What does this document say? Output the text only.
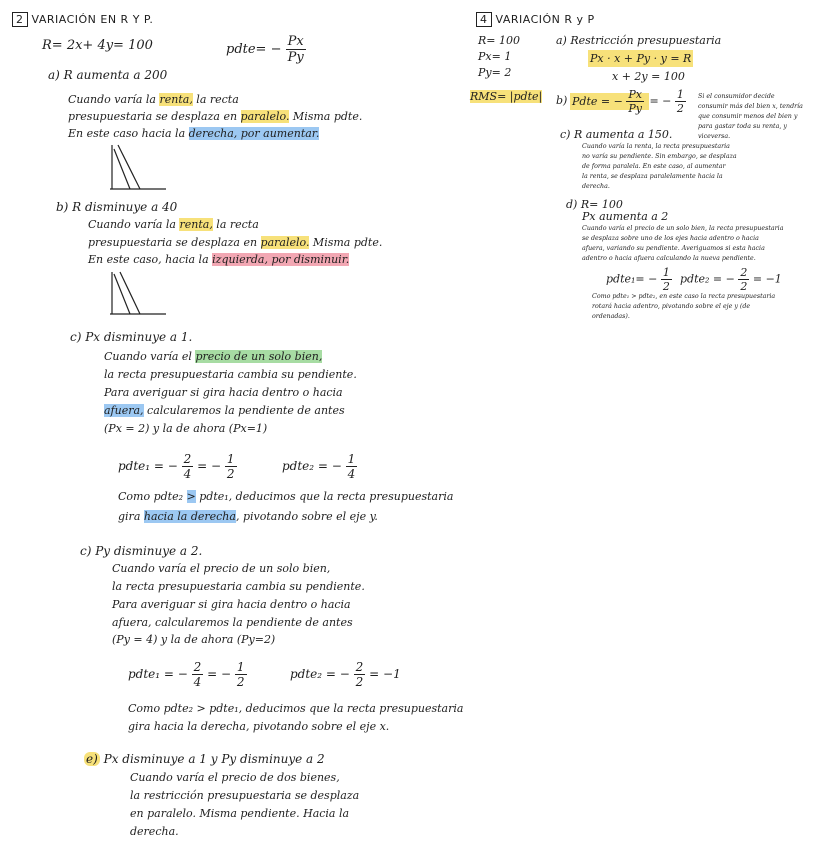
2 VARIACIÓN EN R Y P.
R= 2x+ 4y= 100	pdte= − $\frac{Px}{Py}$
a) R aumenta a 200
Cuando varía la renta, la recta
presupuestaria se desplaza en paralelo. Misma pdte.
En este caso hacia la derecha, por aumentar.
b) R disminuye a 40
Cuando varía la renta, la recta
presupuestaria se desplaza en paralelo. Misma pdte.
En este caso, hacia la izquierda, por disminuir.
c) Px disminuye a 1.
Cuando varía el precio de un solo bien,
la recta presupuestaria cambia su pendiente.
Para averiguar si gira hacia dentro o hacia
afuera, calcularemos la pendiente de antes
(Px = 2) y la de ahora (Px=1)
pdte₁ = − $\frac{2}{4}$ = − $\frac{1}{2}$	pdte₂ = − $\frac{1}{4}$
Como pdte₂ > pdte₁, deducimos que la recta presupuestaria
gira hacia la derecha, pivotando sobre el eje y.
c) Py disminuye a 2.
Cuando varía el precio de un solo bien,
la recta presupuestaria cambia su pendiente.
Para averiguar si gira hacia dentro o hacia
afuera, calcularemos la pendiente de antes
(Py = 4) y la de ahora (Py=2)
pdte₁ = − $\frac{2}{4}$ = − $\frac{1}{2}$	pdte₂ = − $\frac{2}{2} = -1$
Como pdte₂ > pdte₁, deducimos que la recta presupuestaria
gira hacia la derecha, pivotando sobre el eje x.
e) Px disminuye a 1 y Py disminuye a 2
Cuando varía el precio de dos bienes,
la restricción presupuestaria se desplaza
en paralelo. Misma pendiente. Hacia la
derecha.
4 VARIACIÓN R y P
R= 100
Px= 1
Py= 2
RMS= |pdte|
a) Restricción presupuestaria
Px · x + Py · y = R
x + 2y = 100
b) Pdte = − $\frac{Px}{Py}$ = − $\frac{1}{2}$ Si el consumidor decide
consumir más del bien x, tendría
que consumir menos del bien y
para gastar toda su renta, y
viceversa.
c) R aumenta a 150.
Cuando varía la renta, la recta presupuestaria
no varía su pendiente. Sin embargo, se desplaza
de forma paralela. En este caso, al aumentar
la renta, se desplaza paralelamente hacia la
derecha.
d) R= 100
Px aumenta a 2
Cuando varía el precio de un solo bien, la recta presupuestaria
se desplaza sobre uno de los ejes hacia adentro o hacia
afuera, variando su pendiente. Averiguamos si esta hacia
adentro o hacia afuera calculando la nueva pendiente.
pdte₁= − $\frac{1}{2}$ pdte₂ = − $\frac{2}{2} = -1$
Como pdte₁ > pdte₂, en este caso la recta presupuestaria
rotará hacia adentro, pivotando sobre el eje y (de
ordenadas).
